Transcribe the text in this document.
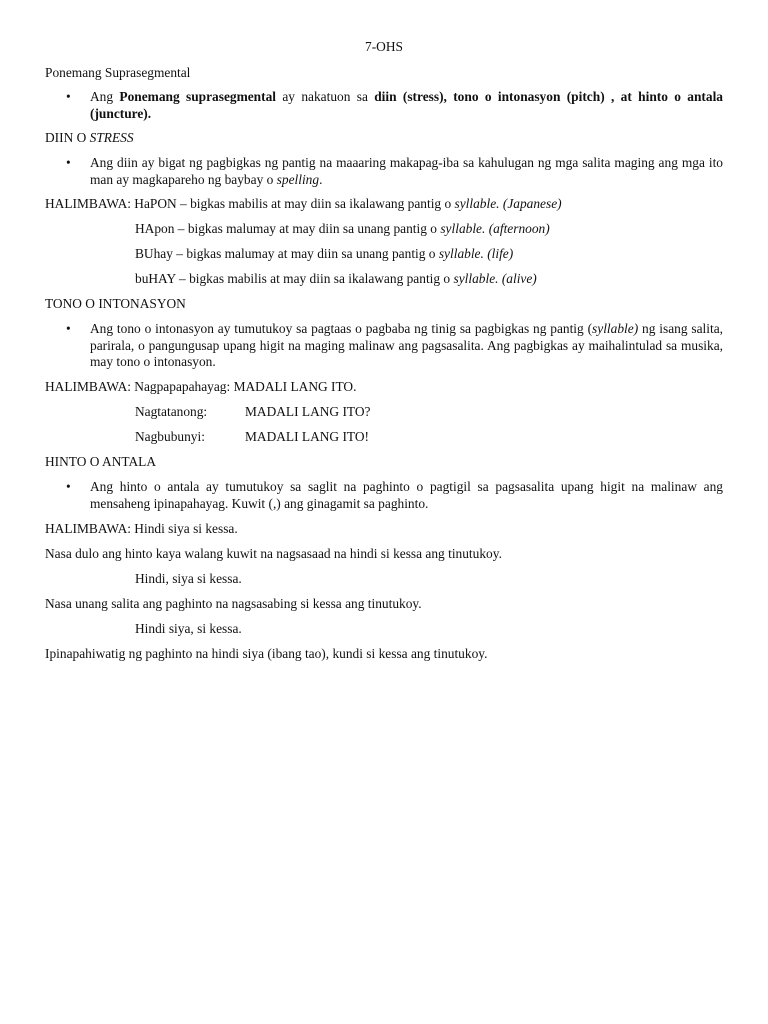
7-OHS
Ponemang Suprasegmental
•	Ang Ponemang suprasegmental ay nakatuon sa diin (stress), tono o intonasyon (pitch) , at hinto o antala (juncture).
DIIN O STRESS
•	Ang diin ay bigat ng pagbigkas ng pantig na maaaring makapag-iba sa kahulugan ng mga salita maging ang mga ito man ay magkapareho ng baybay o spelling.
HALIMBAWA: HaPON – bigkas mabilis at may diin sa ikalawang pantig o syllable. (Japanese)
HApon – bigkas malumay at may diin sa unang pantig o syllable. (afternoon)
BUhay – bigkas malumay at may diin sa unang pantig o syllable. (life)
buHAY – bigkas mabilis at may diin sa ikalawang pantig o syllable. (alive)
TONO O INTONASYON
•	Ang tono o intonasyon ay tumutukoy sa pagtaas o pagbaba ng tinig sa pagbigkas ng pantig (syllable) ng isang salita, parirala, o pangungusap upang higit na maging malinaw ang pagsasalita. Ang pagbigkas ay maihalintulad sa musika, may tono o intonasyon.
HALIMBAWA: Nagpapapahayag: MADALI LANG ITO.
Nagtatanong:	MADALI LANG ITO?
Nagbubunyi:	MADALI LANG ITO!
HINTO O ANTALA
•	Ang hinto o antala ay tumutukoy sa saglit na paghinto o pagtigil sa pagsasalita upang higit na malinaw ang mensaheng ipinapahayag. Kuwit (,) ang ginagamit sa paghinto.
HALIMBAWA: Hindi siya si kessa.
Nasa dulo ang hinto kaya walang kuwit na nagsasaad na hindi si kessa ang tinutukoy.
Hindi, siya si kessa.
Nasa unang salita ang paghinto na nagsasabing si kessa ang tinutukoy.
Hindi siya, si kessa.
Ipinapahiwatig ng paghinto na hindi siya (ibang tao), kundi si kessa ang tinutukoy.
